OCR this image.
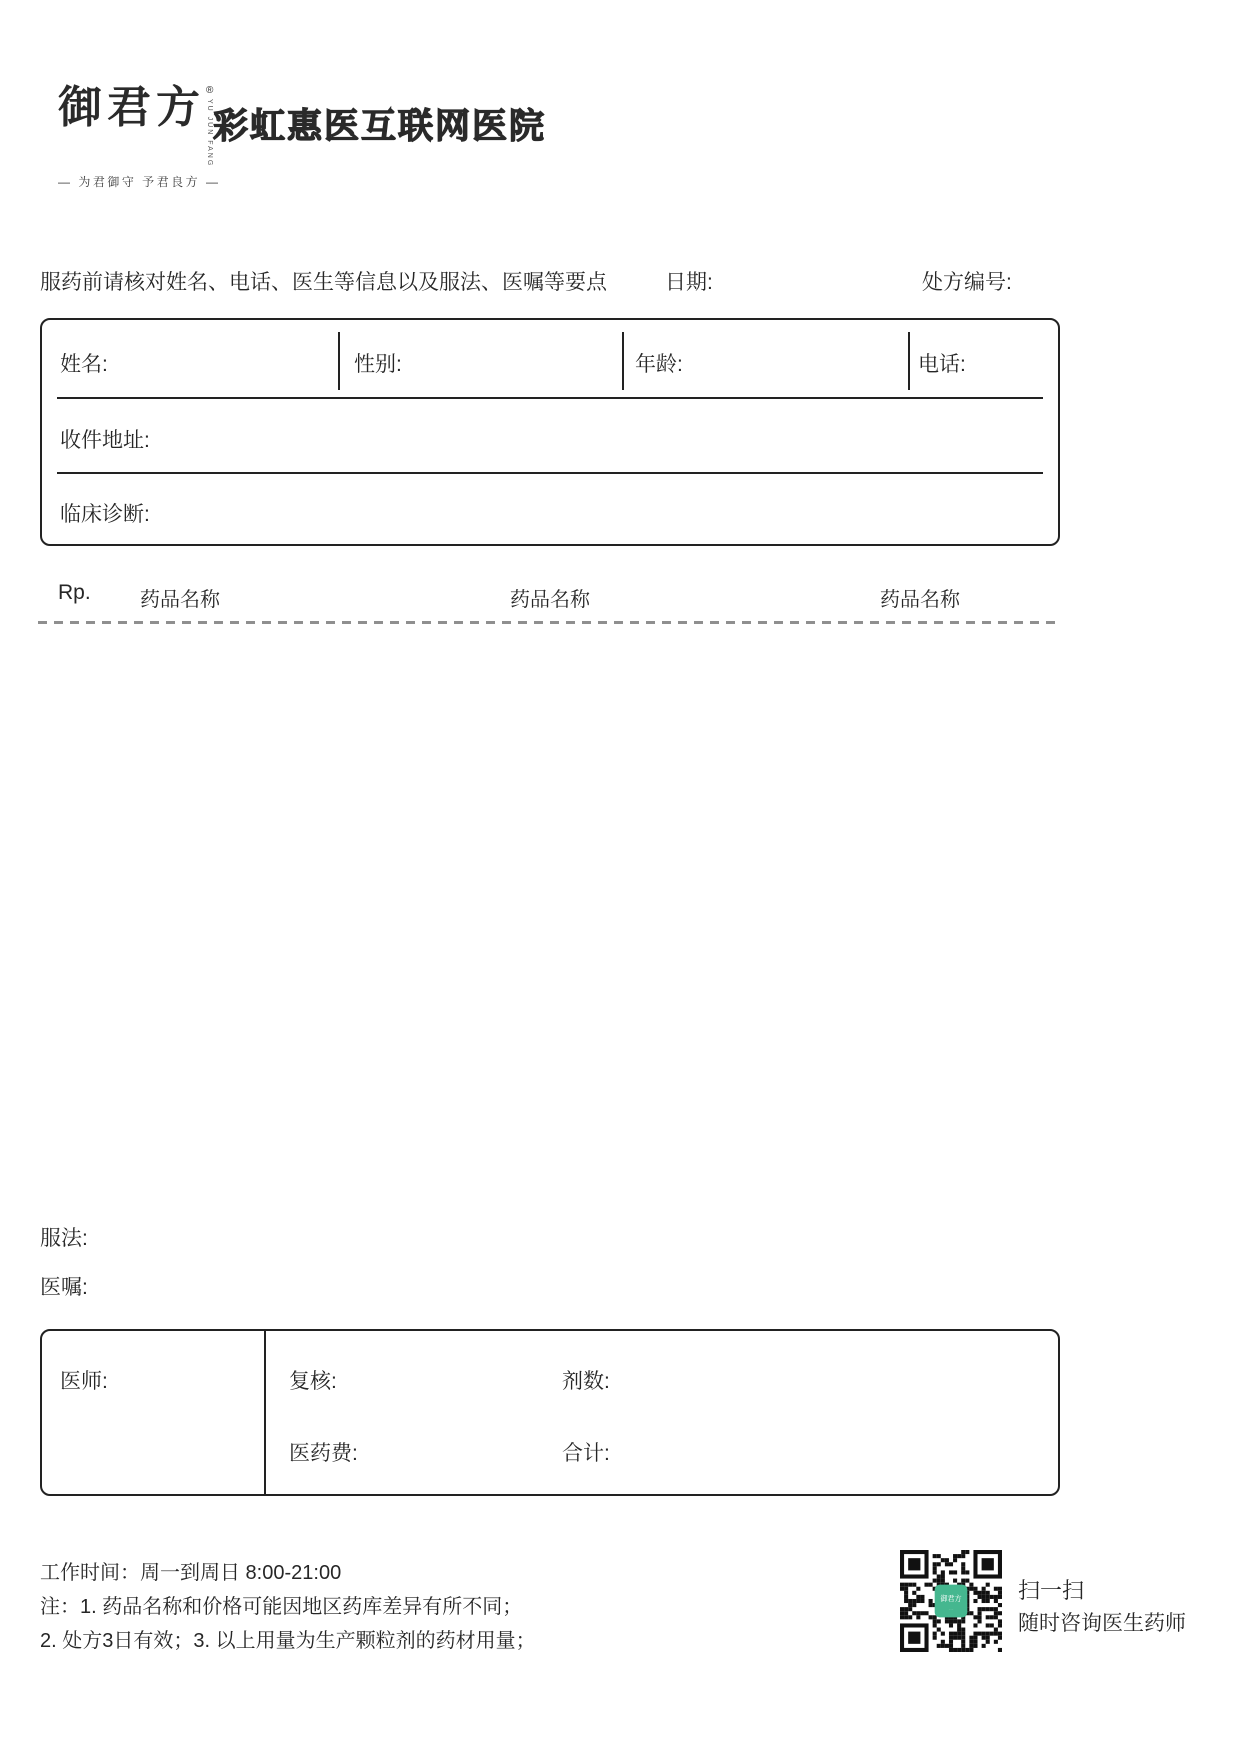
御君方 ®
YU JUN FANG
— 为君御守 予君良方 —
彩虹惠医互联网医院
服药前请核对姓名、电话、医生等信息以及服法、医嘱等要点	日期:	处方编号:
姓名:	性别:	年龄:	电话:
收件地址:
临床诊断:
Rp. 药品名称	药品名称	药品名称
服法:
医嘱:
医师:	复核:	剂数:
医药费:	合计:
工作时间：周一到周日 8:00-21:00
注：1. 药品名称和价格可能因地区药库差异有所不同；
2. 处方3日有效；3. 以上用量为生产颗粒剂的药材用量；
御君方
· · ·
扫一扫
随时咨询医生药师
